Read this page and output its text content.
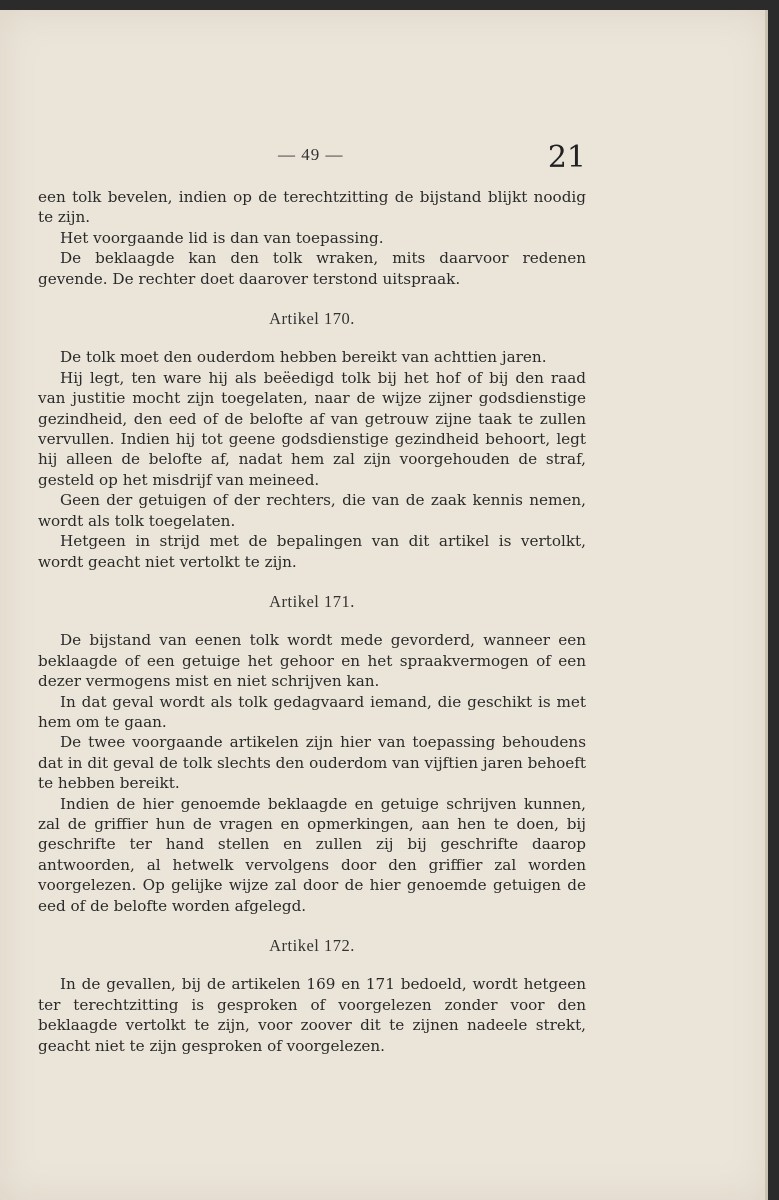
— 49 —	21

een tolk bevelen, indien op de terechtzitting de bijstand blijkt noodig te zijn.

Het voorgaande lid is dan van toepassing.

De beklaagde kan den tolk wraken, mits daarvoor redenen gevende. De rechter doet daarover terstond uitspraak.

Artikel 170.

De tolk moet den ouderdom hebben bereikt van achttien jaren.

Hij legt, ten ware hij als beëedigd tolk bij het hof of bij den raad van justitie mocht zijn toegelaten, naar de wijze zijner godsdienstige gezindheid, den eed of de belofte af van getrouw zijne taak te zullen vervullen. Indien hij tot geene godsdienstige gezindheid behoort, legt hij alleen de belofte af, nadat hem zal zijn voorgehouden de straf, gesteld op het misdrijf van meineed.

Geen der getuigen of der rechters, die van de zaak kennis nemen, wordt als tolk toegelaten.

Hetgeen in strijd met de bepalingen van dit artikel is vertolkt, wordt geacht niet vertolkt te zijn.

Artikel 171.

De bijstand van eenen tolk wordt mede gevorderd, wanneer een beklaagde of een getuige het gehoor en het spraakvermogen of een dezer vermogens mist en niet schrijven kan.

In dat geval wordt als tolk gedagvaard iemand, die geschikt is met hem om te gaan.

De twee voorgaande artikelen zijn hier van toepassing behoudens dat in dit geval de tolk slechts den ouderdom van vijftien jaren behoeft te hebben bereikt.

Indien de hier genoemde beklaagde en getuige schrijven kunnen, zal de griffier hun de vragen en opmerkingen, aan hen te doen, bij geschrifte ter hand stellen en zullen zij bij geschrifte daarop antwoorden, al hetwelk vervolgens door den griffier zal worden voorgelezen. Op gelijke wijze zal door de hier genoemde getuigen de eed of de belofte worden afgelegd.

Artikel 172.

In de gevallen, bij de artikelen 169 en 171 bedoeld, wordt hetgeen ter terechtzitting is gesproken of voorgelezen zonder voor den beklaagde vertolkt te zijn, voor zoover dit te zijnen nadeele strekt, geacht niet te zijn gesproken of voorgelezen.
